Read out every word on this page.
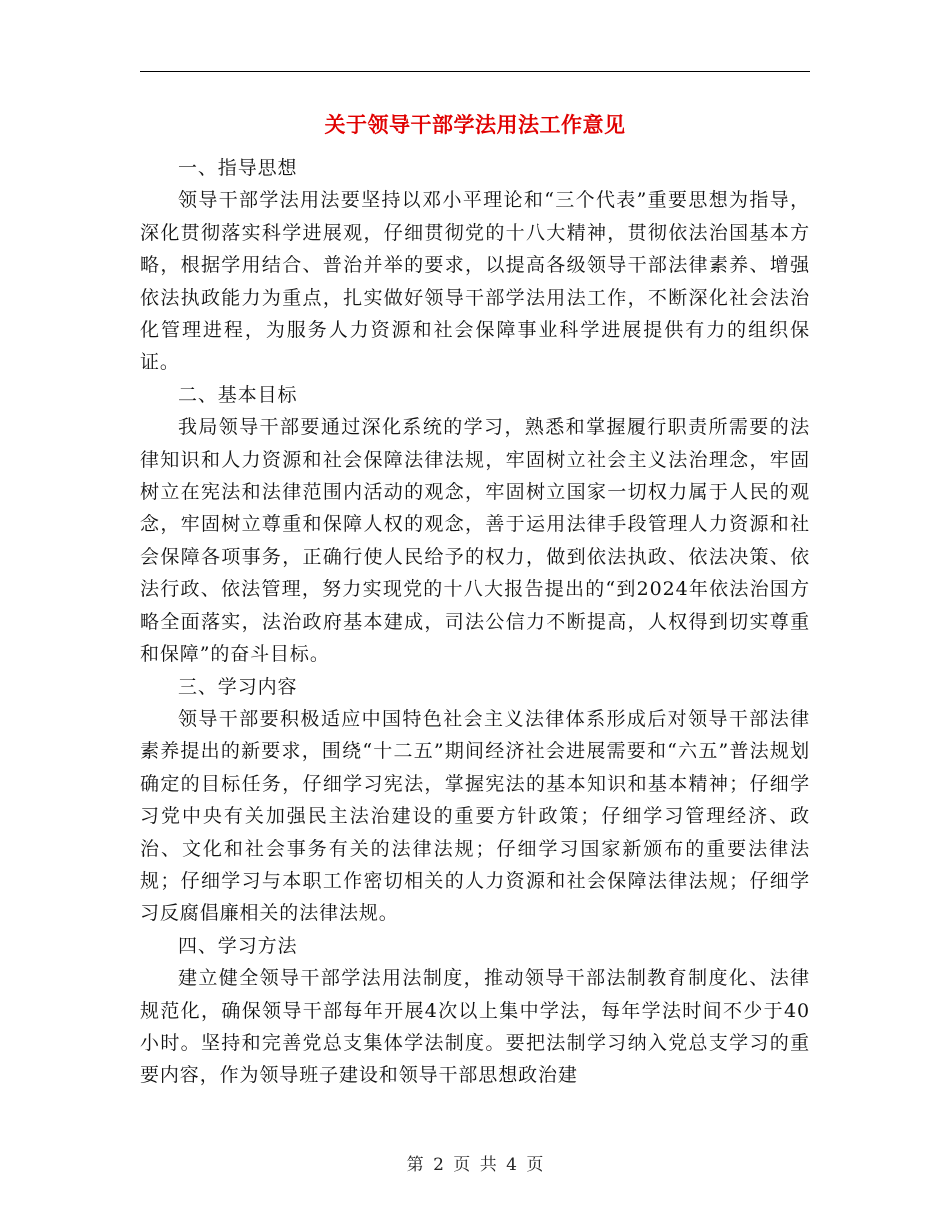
关于领导干部学法用法工作意见

一、指导思想

领导干部学法用法要坚持以邓小平理论和“三个代表”重要思想为指导，深化贯彻落实科学进展观，仔细贯彻党的十八大精神，贯彻依法治国基本方略，根据学用结合、普治并举的要求，以提高各级领导干部法律素养、增强依法执政能力为重点，扎实做好领导干部学法用法工作，不断深化社会法治化管理进程，为服务人力资源和社会保障事业科学进展提供有力的组织保证。

二、基本目标

我局领导干部要通过深化系统的学习，熟悉和掌握履行职责所需要的法律知识和人力资源和社会保障法律法规，牢固树立社会主义法治理念，牢固树立在宪法和法律范围内活动的观念，牢固树立国家一切权力属于人民的观念，牢固树立尊重和保障人权的观念，善于运用法律手段管理人力资源和社会保障各项事务，正确行使人民给予的权力，做到依法执政、依法决策、依法行政、依法管理，努力实现党的十八大报告提出的“到2024年依法治国方略全面落实，法治政府基本建成，司法公信力不断提高，人权得到切实尊重和保障”的奋斗目标。

三、学习内容

领导干部要积极适应中国特色社会主义法律体系形成后对领导干部法律素养提出的新要求，围绕“十二五”期间经济社会进展需要和“六五”普法规划确定的目标任务，仔细学习宪法，掌握宪法的基本知识和基本精神；仔细学习党中央有关加强民主法治建设的重要方针政策；仔细学习管理经济、政治、文化和社会事务有关的法律法规；仔细学习国家新颁布的重要法律法规；仔细学习与本职工作密切相关的人力资源和社会保障法律法规；仔细学习反腐倡廉相关的法律法规。

四、学习方法

建立健全领导干部学法用法制度，推动领导干部法制教育制度化、法律规范化，确保领导干部每年开展4次以上集中学法，每年学法时间不少于40小时。坚持和完善党总支集体学法制度。要把法制学习纳入党总支学习的重要内容，作为领导班子建设和领导干部思想政治建

第 2 页 共 4 页
